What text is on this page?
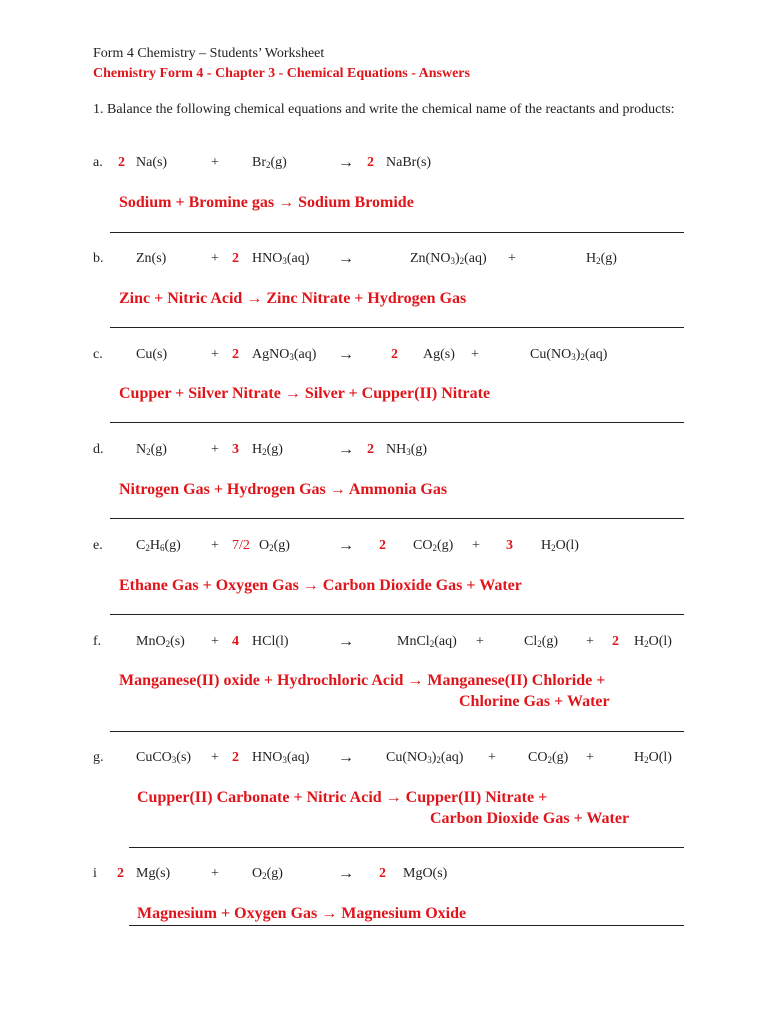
Form 4 Chemistry – Students’ Worksheet
Chemistry Form 4 - Chapter 3 - Chemical Equations - Answers
1. Balance the following chemical equations and write the chemical name of the reactants and products:
a. 2 Na(s)	+ $Br_2(g)$	→ 2 NaBr(s)
Sodium + Bromine gas → Sodium Bromide
b. Zn(s)	+ 2 $HNO_3(aq)$ →	$Zn(NO_3)_2(aq)$ +	$H_2(g)$
Zinc + Nitric Acid → Zinc Nitrate + Hydrogen Gas
c. Cu(s)	+ 2 AgNO$_3$(aq) →	2 Ag(s) +	$Cu(NO_3)_2(aq)$
Cupper + Silver Nitrate → Silver + Cupper(II) Nitrate
d. $N_2(g)$	+ 3 $H_2(g)$	→ 2 $NH_3(g)$
Nitrogen Gas + Hydrogen Gas → Ammonia Gas
e. $C_2H_6(g) + 7/2$ $O_2(g)$	→ 2 $CO_2(g) + 3$ $H_2O(l)$
Ethane Gas + Oxygen Gas → Carbon Dioxide Gas + Water
f. MnO$_2$(s) + 4 HCl(l)	→	MnCl$_2$(aq) +	$Cl_2(g) + 2$ $H_2O(l)$
Manganese(II) oxide + Hydrochloric Acid → Manganese(II) Chloride +
Chlorine Gas + Water
g. CuCO$_3$(s) + 2 $HNO_3(aq) \to Cu(NO_3)_2(aq) + CO_2(g)$ +	$H_2O(l)$
Cupper(II) Carbonate + Nitric Acid → Cupper(II) Nitrate +
Carbon Dioxide Gas + Water
i 2 Mg(s)	+ $O_2(g)$	→ 2 MgO(s)
Magnesium + Oxygen Gas → Magnesium Oxide
